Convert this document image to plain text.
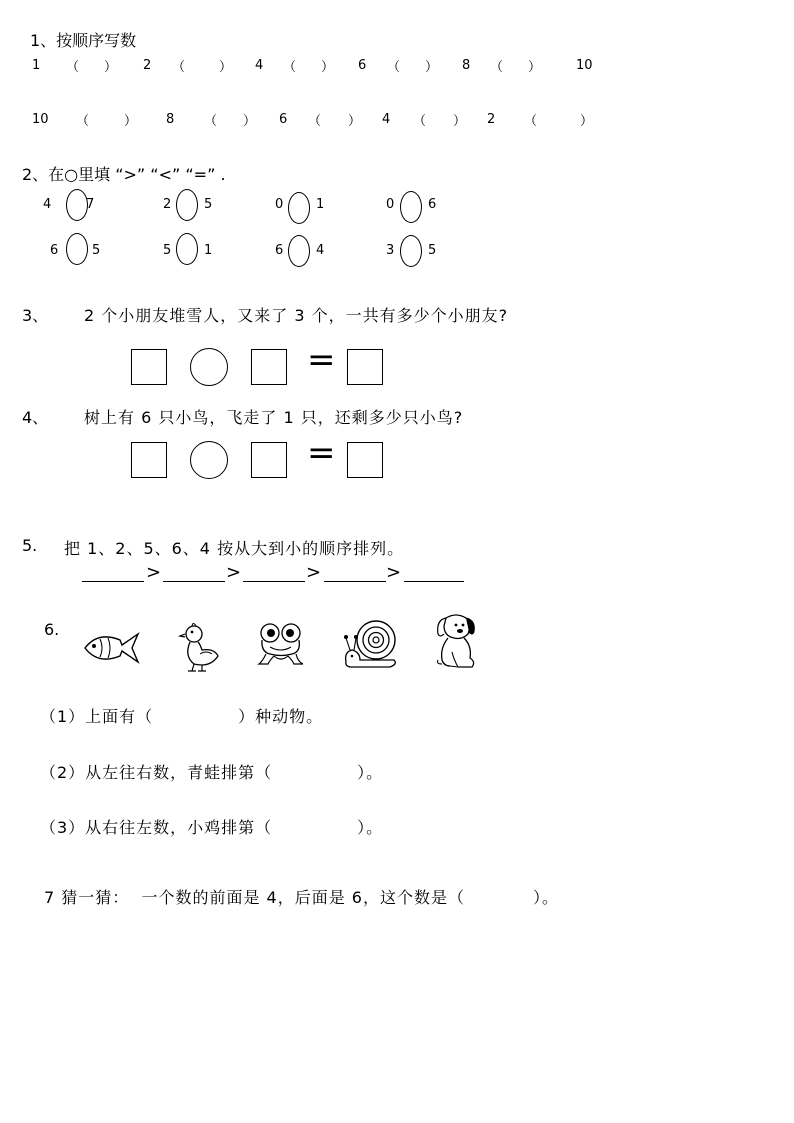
1、按顺序写数
1 （ ） 2 （	） 4 （ ） 6 （ ） 8 （ ）	10
10 （	） 8 （ ） 6 （ ） 4 （ ） 2 （	）
2、在○里填 “>” “<” “=” .
4	7	2	5	0	1	0	6
6	5	5	1	6	4	3	5
3、 2 个小朋友堆雪人，又来了 3 个，一共有多少个小朋友?
=
4、 树上有 6 只小鸟，飞走了 1 只，还剩多少只小鸟?
=
5. 把 1、2、5、6、4 按从大到小的顺序排列。
>	>	>	>
6.
（1）上面有（　　　　　）种动物。
（2）从左往右数，青蛙排第（　　　　　）。
（3）从右往左数，小鸡排第（　　　　　）。
7 猜一猜：  一个数的前面是 4，后面是 6，这个数是（　　　　）。
